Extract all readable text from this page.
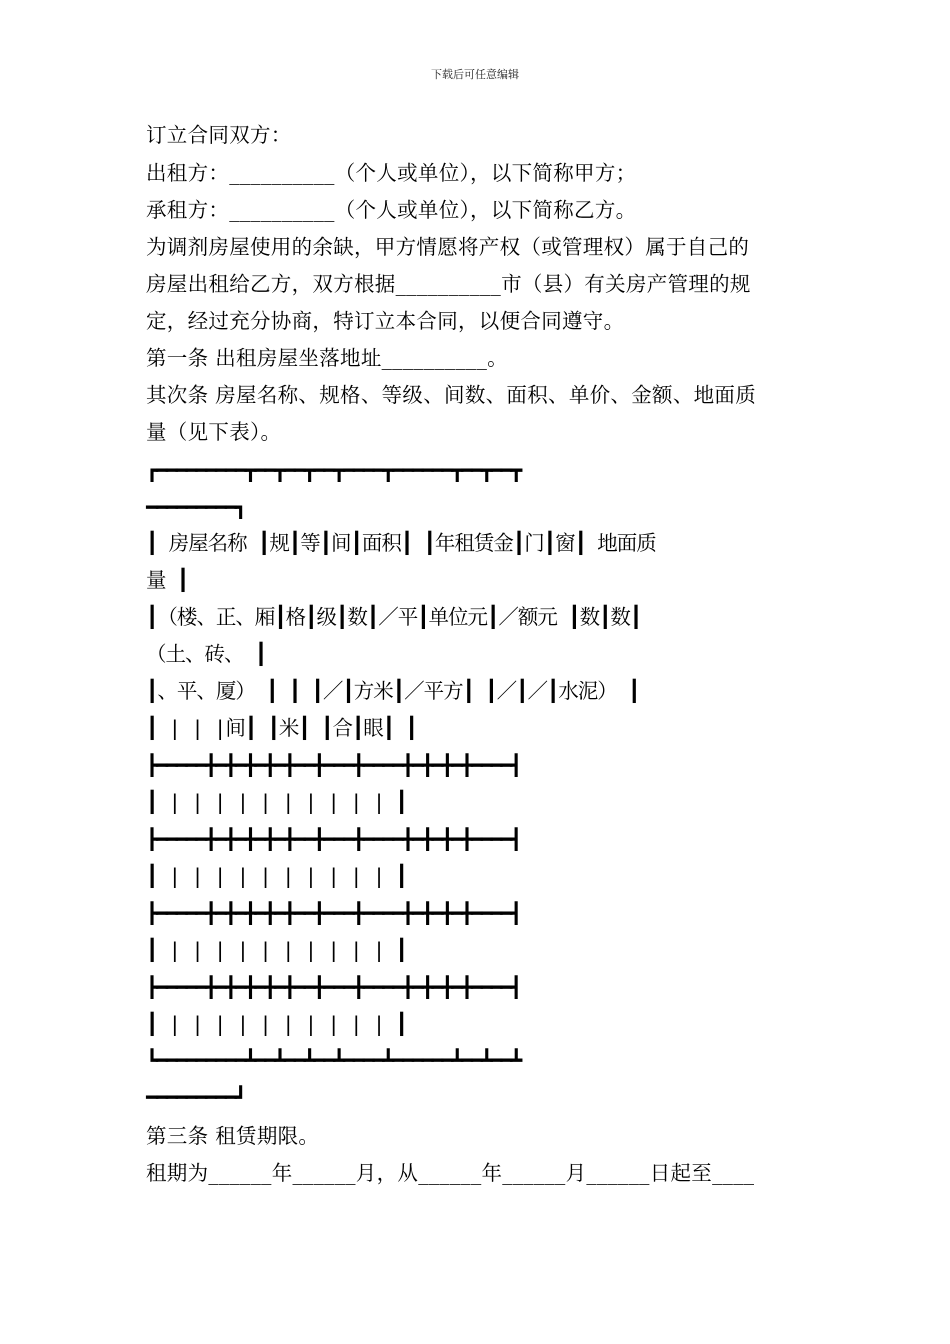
下载后可任意编辑
订立合同双方：
出租方：__________（个人或单位），以下简称甲方；
承租方：__________（个人或单位），以下简称乙方。
为调剂房屋使用的余缺，甲方情愿将产权（或管理权）属于自己的
房屋出租给乙方，双方根据__________市（县）有关房产管理的规
定，经过充分协商，特订立本合同，以便合同遵守。
第一条 出租房屋坐落地址__________。
其次条 房屋名称、规格、等级、间数、面积、单价、金额、地面质
量（见下表）。
┏━━━━━━━━━┳━━┳━━┳━━┳━━━━┳━━━━━━┳━━┳━━┳
━━━━━━━━━┓
┃ 房屋名称 ┃规┃等┃间┃面积┃ ┃年租赁金┃门┃窗┃ 地面质
量 ┃
┃（楼、正、厢┃格┃级┃数┃／平┃单位元┃／额元 ┃数┃数┃
（土、砖、 ┃
┃、平、厦） ┃ ┃ ┃／┃方米┃／平方┃ ┃／┃／┃水泥） ┃
┃ | | |间┃ ┃米┃ ┃合┃眼┃ ┃
┣━━━━━╋━╋━╋━╋━╋━━╋━━━╋━━━━╋━╋━╋━╋━━━━┫
┃ | | | | | | | | | | ┃
┣━━━━━╋━╋━╋━╋━╋━━╋━━━╋━━━━╋━╋━╋━╋━━━━┫
┃ | | | | | | | | | | ┃
┣━━━━━╋━╋━╋━╋━╋━━╋━━━╋━━━━╋━╋━╋━╋━━━━┫
┃ | | | | | | | | | | ┃
┣━━━━━╋━╋━╋━╋━╋━━╋━━━╋━━━━╋━╋━╋━╋━━━━┫
┃ | | | | | | | | | | ┃
┗━━━━━━━━━┻━━┻━━┻━━┻━━━━┻━━━━━━┻━━┻━━┻
━━━━━━━━━┛
第三条 租赁期限。
租期为______年______月，从______年______月______日起至____
